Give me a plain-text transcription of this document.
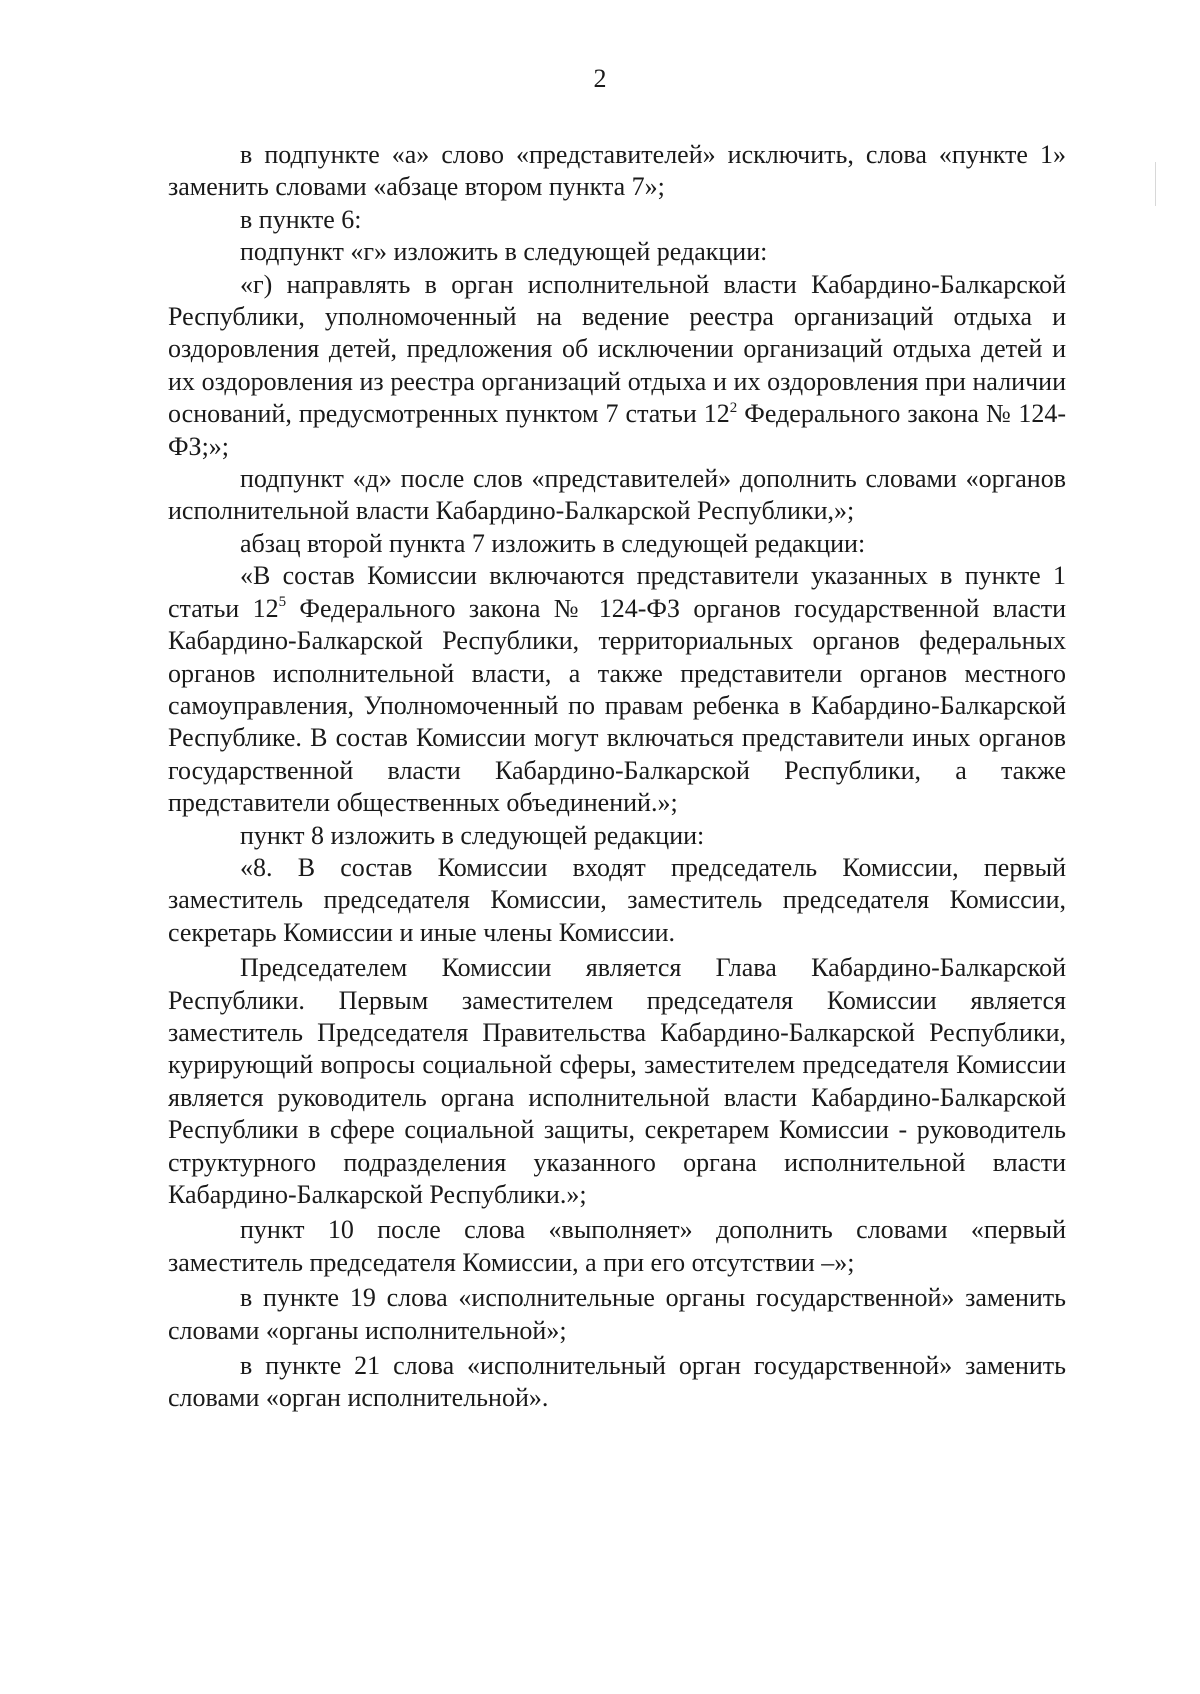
2

в подпункте «а» слово «представителей» исключить, слова «пункте 1» заменить словами «абзаце втором пункта 7»;

в пункте 6:

подпункт «г» изложить в следующей редакции:

«г) направлять в орган исполнительной власти Кабардино-Балкарской Республики, уполномоченный на ведение реестра организаций отдыха и оздоровления детей, предложения об исключении организаций отдыха детей и их оздоровления из реестра организаций отдыха и их оздоровления при наличии оснований, предусмотренных пунктом 7 статьи $12^2$ Федерального закона № 124-ФЗ;»;

подпункт «д» после слов «представителей» дополнить словами «органов исполнительной власти Кабардино-Балкарской Республики,»;

абзац второй пункта 7 изложить в следующей редакции:

«В состав Комиссии включаются представители указанных в пункте 1 статьи $12^5$ Федерального закона № 124-ФЗ органов государственной власти Кабардино-Балкарской Республики, территориальных органов федеральных органов исполнительной власти, а также представители органов местного самоуправления, Уполномоченный по правам ребенка в Кабардино-Балкарской Республике. В состав Комиссии могут включаться представители иных органов государственной власти Кабардино-Балкарской Республики, а также представители общественных объединений.»;

пункт 8 изложить в следующей редакции:

«8. В состав Комиссии входят председатель Комиссии, первый заместитель председателя Комиссии, заместитель председателя Комиссии, секретарь Комиссии и иные члены Комиссии.

Председателем Комиссии является Глава Кабардино-Балкарской Республики. Первым заместителем председателя Комиссии является заместитель Председателя Правительства Кабардино-Балкарской Республики, курирующий вопросы социальной сферы, заместителем председателя Комиссии является руководитель органа исполнительной власти Кабардино-Балкарской Республики в сфере социальной защиты, секретарем Комиссии - руководитель структурного подразделения указанного органа исполнительной власти Кабардино-Балкарской Республики.»;

пункт 10 после слова «выполняет» дополнить словами «первый заместитель председателя Комиссии, а при его отсутствии –»;

в пункте 19 слова «исполнительные органы государственной» заменить словами «органы исполнительной»;

в пункте 21 слова «исполнительный орган государственной» заменить словами «орган исполнительной».
